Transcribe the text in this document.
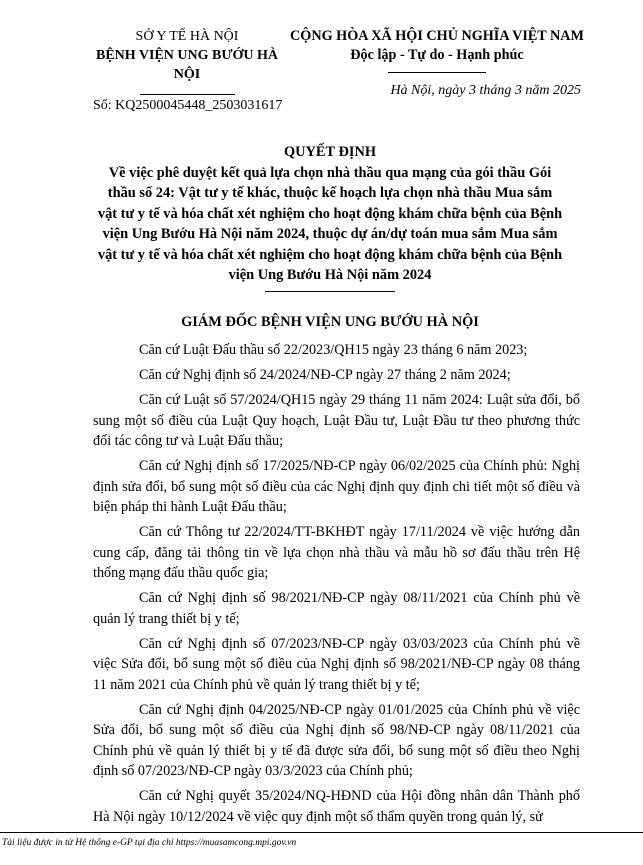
SỞ Y TẾ HÀ NỘI
BỆNH VIỆN UNG BƯỚU HÀ
NỘI
Số: KQ2500045448_2503031617
CỘNG HÒA XÃ HỘI CHỦ NGHĨA VIỆT NAM
Độc lập - Tự do - Hạnh phúc
Hà Nội, ngày 3 tháng 3 năm 2025
QUYẾT ĐỊNH
Về việc phê duyệt kết quả lựa chọn nhà thầu qua mạng của gói thầu Gói
thầu số 24: Vật tư y tế khác, thuộc kế hoạch lựa chọn nhà thầu Mua sắm
vật tư y tế và hóa chất xét nghiệm cho hoạt động khám chữa bệnh của Bệnh
viện Ung Bướu Hà Nội năm 2024, thuộc dự án/dự toán mua sắm Mua sắm
vật tư y tế và hóa chất xét nghiệm cho hoạt động khám chữa bệnh của Bệnh
viện Ung Bướu Hà Nội năm 2024
GIÁM ĐỐC BỆNH VIỆN UNG BƯỚU HÀ NỘI

Căn cứ Luật Đấu thầu số 22/2023/QH15 ngày 23 tháng 6 năm 2023;

Căn cứ Nghị định số 24/2024/NĐ-CP ngày 27 tháng 2 năm 2024;

Căn cứ Luật số 57/2024/QH15 ngày 29 tháng 11 năm 2024: Luật sửa đổi, bổ sung một số điều của Luật Quy hoạch, Luật Đầu tư, Luật Đầu tư theo phương thức đối tác công tư và Luật Đấu thầu;

Căn cứ Nghị định số 17/2025/NĐ-CP ngày 06/02/2025 của Chính phủ: Nghị định sửa đổi, bổ sung một số điều của các Nghị định quy định chi tiết một số điều và biện pháp thi hành Luật Đấu thầu;

Căn cứ Thông tư 22/2024/TT-BKHĐT ngày 17/11/2024 về việc hướng dẫn cung cấp, đăng tải thông tin về lựa chọn nhà thầu và mẫu hồ sơ đấu thầu trên Hệ thống mạng đấu thầu quốc gia;

Căn cứ Nghị định số 98/2021/NĐ-CP ngày 08/11/2021 của Chính phủ về quản lý trang thiết bị y tế;

Căn cứ Nghị định số 07/2023/NĐ-CP ngày 03/03/2023 của Chính phủ về việc Sửa đổi, bổ sung một số điều của Nghị định số 98/2021/NĐ-CP ngày 08 tháng 11 năm 2021 của Chính phủ về quản lý trang thiết bị y tế;

Căn cứ Nghị định 04/2025/NĐ-CP ngày 01/01/2025 của Chính phủ về việc Sửa đổi, bổ sung một số điều của Nghị định số 98/NĐ-CP ngày 08/11/2021 của Chính phủ về quản lý thiết bị y tế đã được sửa đổi, bổ sung một số điều theo Nghị định số 07/2023/NĐ-CP ngày 03/3/2023 của Chính phủ;

Căn cứ Nghị quyết 35/2024/NQ-HĐND của Hội đồng nhân dân Thành phố Hà Nội ngày 10/12/2024 về việc quy định một số thẩm quyền trong quản lý, sử

Tài liệu được in từ Hệ thống e-GP tại địa chỉ https://muasamcong.mpi.gov.vn
